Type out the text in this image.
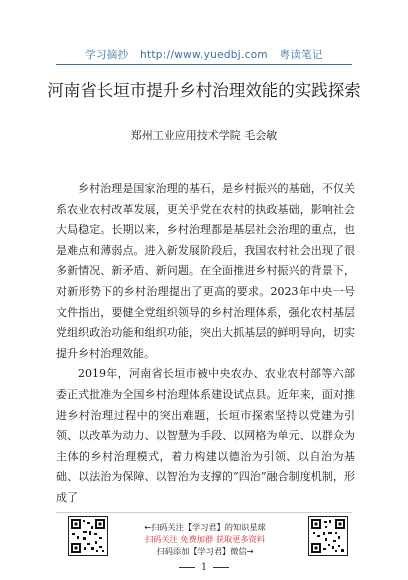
学习摘抄 http://www.yuedbj.com 粤读笔记
河南省长垣市提升乡村治理效能的实践探索
郑州工业应用技术学院 毛会敏

乡村治理是国家治理的基石，是乡村振兴的基础，不仅关系农业农村改革发展，更关乎党在农村的执政基础，影响社会大局稳定。长期以来，乡村治理都是基层社会治理的重点，也是难点和薄弱点。进入新发展阶段后，我国农村社会出现了很多新情况、新矛盾、新问题。在全面推进乡村振兴的背景下，对新形势下的乡村治理提出了更高的要求。2023年中央一号文件指出，要健全党组织领导的乡村治理体系，强化农村基层党组织政治功能和组织功能，突出大抓基层的鲜明导向，切实提升乡村治理效能。

2019年，河南省长垣市被中央农办、农业农村部等六部委正式批准为全国乡村治理体系建设试点县。近年来，面对推进乡村治理过程中的突出难题，长垣市探索坚持以党建为引领、以改革为动力、以智慧为手段、以网格为单元、以群众为主体的乡村治理模式，着力构建以德治为引领、以自治为基础、以法治为保障、以智治为支撑的“四治”融合制度机制，形成了

←扫码关注【学习君】的知识星球
扫码关注 免费加群 获取更多资料
扫码添加【学习君】微信→
1
